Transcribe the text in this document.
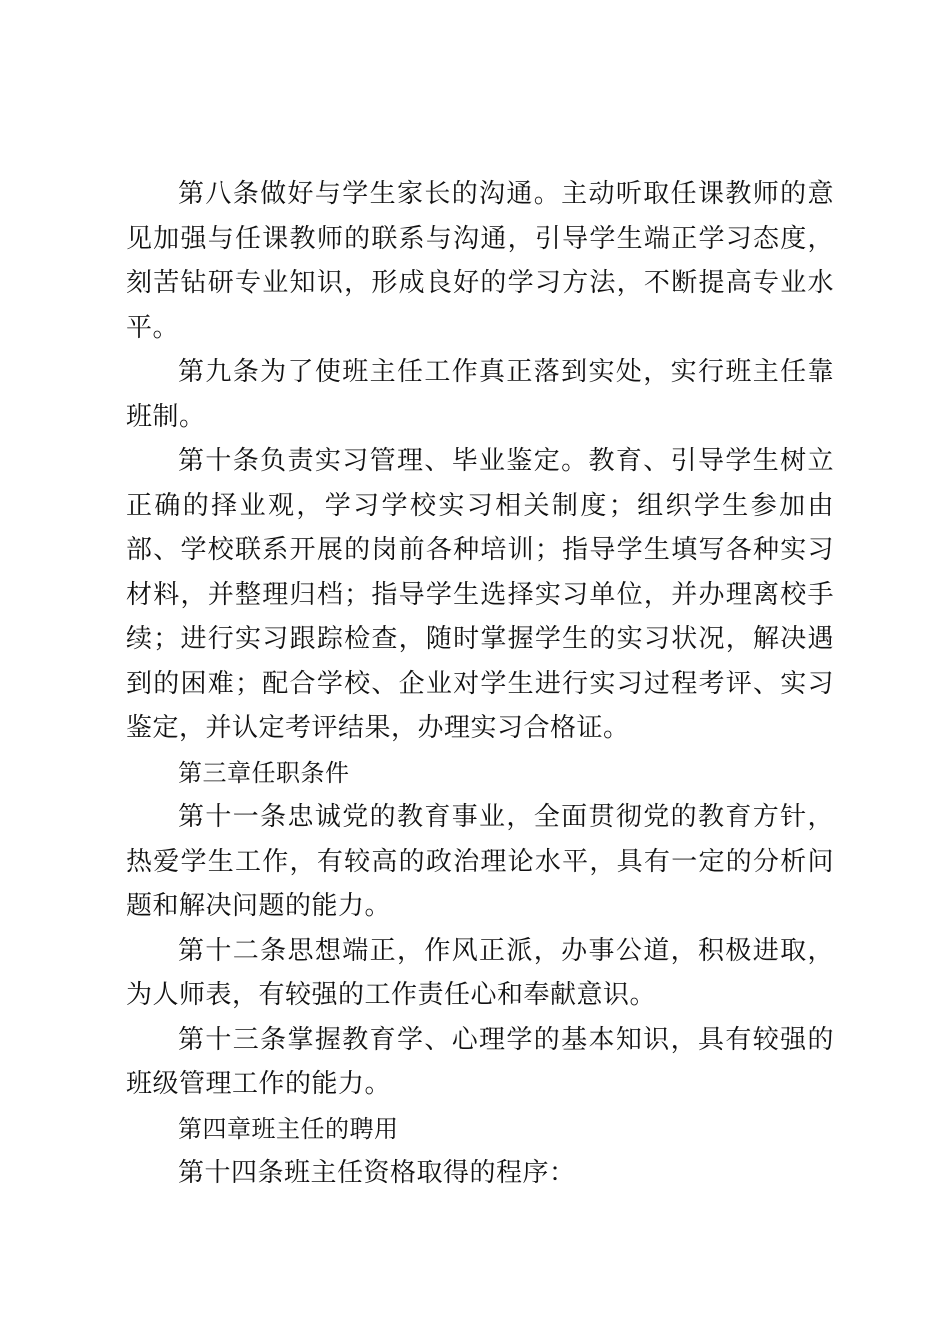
第八条做好与学生家长的沟通。主动听取任课教师的意见加强与任课教师的联系与沟通，引导学生端正学习态度，刻苦钻研专业知识，形成良好的学习方法，不断提高专业水平。

第九条为了使班主任工作真正落到实处，实行班主任靠班制。

第十条负责实习管理、毕业鉴定。教育、引导学生树立正确的择业观，学习学校实习相关制度；组织学生参加由部、学校联系开展的岗前各种培训；指导学生填写各种实习材料，并整理归档；指导学生选择实习单位，并办理离校手续；进行实习跟踪检查，随时掌握学生的实习状况，解决遇到的困难；配合学校、企业对学生进行实习过程考评、实习鉴定，并认定考评结果，办理实习合格证。

第三章任职条件

第十一条忠诚党的教育事业，全面贯彻党的教育方针，热爱学生工作，有较高的政治理论水平，具有一定的分析问题和解决问题的能力。

第十二条思想端正，作风正派，办事公道，积极进取，为人师表，有较强的工作责任心和奉献意识。

第十三条掌握教育学、心理学的基本知识，具有较强的班级管理工作的能力。

第四章班主任的聘用

第十四条班主任资格取得的程序：
